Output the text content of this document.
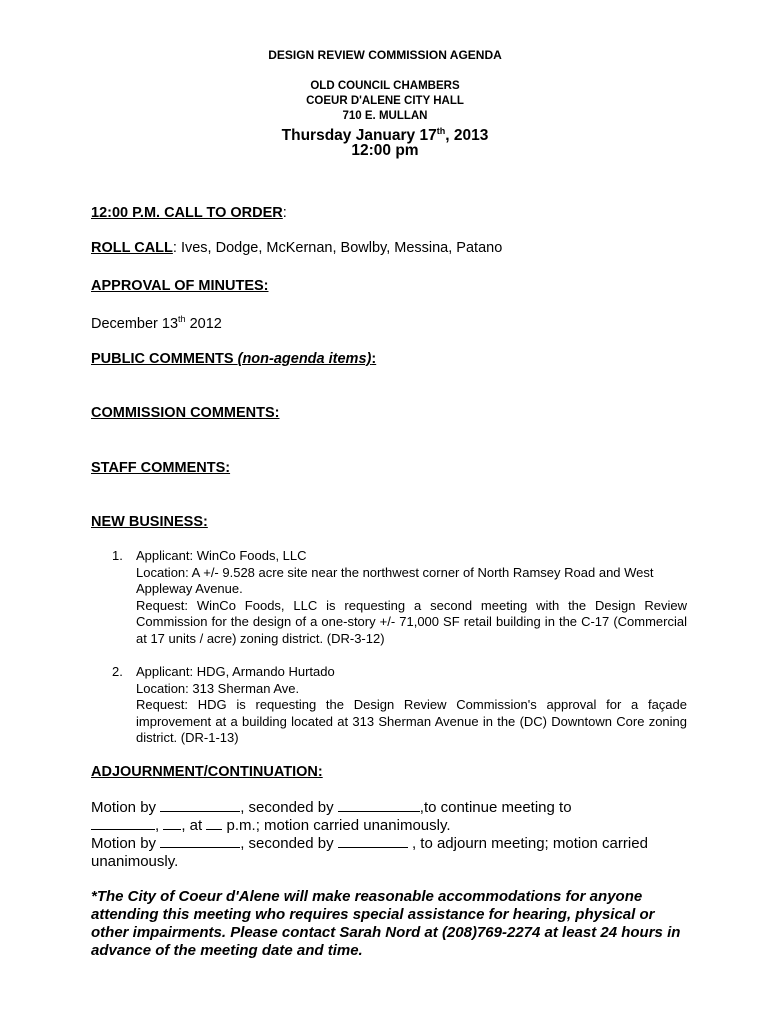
DESIGN REVIEW COMMISSION AGENDA
OLD COUNCIL CHAMBERS
COEUR D'ALENE CITY HALL
710 E. MULLAN
Thursday January 17th, 2013
12:00 pm
12:00 P.M. CALL TO ORDER:
ROLL CALL: Ives, Dodge, McKernan, Bowlby, Messina, Patano
APPROVAL OF MINUTES:
December 13th 2012
PUBLIC COMMENTS (non-agenda items):
COMMISSION COMMENTS:
STAFF COMMENTS:
NEW BUSINESS:
1. Applicant: WinCo Foods, LLC
Location: A +/- 9.528 acre site near the northwest corner of North Ramsey Road and West Appleway Avenue.
Request: WinCo Foods, LLC is requesting a second meeting with the Design Review Commission for the design of a one-story +/- 71,000 SF retail building in the C-17 (Commercial at 17 units / acre) zoning district. (DR-3-12)
2. Applicant: HDG, Armando Hurtado
Location: 313 Sherman Ave.
Request: HDG is requesting the Design Review Commission's approval for a façade improvement at a building located at 313 Sherman Avenue in the (DC) Downtown Core zoning district. (DR-1-13)
ADJOURNMENT/CONTINUATION:
Motion by	, seconded by	,to continue meeting to
, , at  p.m.; motion carried unanimously.
Motion by	, seconded by	, to adjourn meeting; motion carried
unanimously.
*The City of Coeur d'Alene will make reasonable accommodations for anyone attending this meeting who requires special assistance for hearing, physical or other impairments. Please contact Sarah Nord at (208)769-2274 at least 24 hours in advance of the meeting date and time.
